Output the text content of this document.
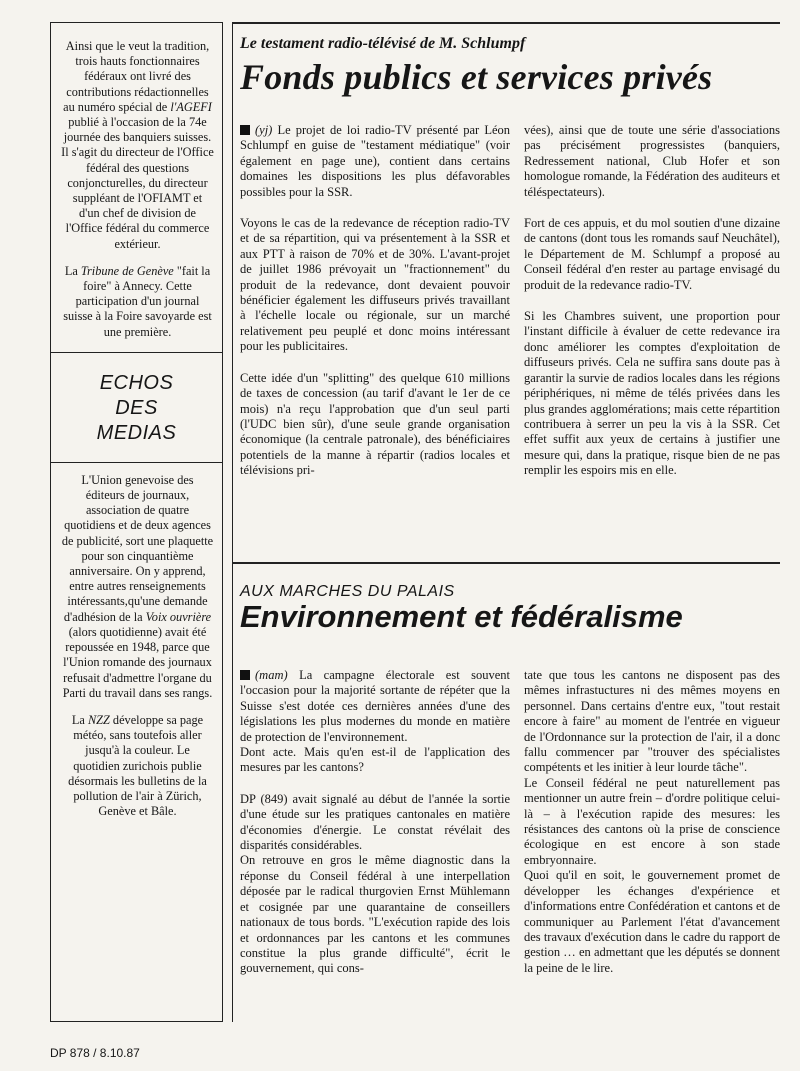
Ainsi que le veut la tradition, trois hauts fonctionnaires fédéraux ont livré des contributions rédactionnelles au numéro spécial de l'AGEFI publié à l'occasion de la 74e journée des banquiers suisses. Il s'agit du directeur de l'Office fédéral des questions conjoncturelles, du directeur suppléant de l'OFIAMT et d'un chef de division de l'Office fédéral du commerce extérieur.

La Tribune de Genève "fait la foire" à Annecy. Cette participation d'un journal suisse à la Foire savoyarde est une première.

ECHOS
DES
MEDIAS

L'Union genevoise des éditeurs de journaux, association de quatre quotidiens et de deux agences de publicité, sort une plaquette pour son cinquantième anniversaire. On y apprend, entre autres renseignements intéressants,qu'une demande d'adhésion de la Voix ouvrière (alors quotidienne) avait été repoussée en 1948, parce que l'Union romande des journaux refusait d'admettre l'organe du Parti du travail dans ses rangs.

La NZZ développe sa page météo, sans toutefois aller jusqu'à la couleur. Le quotidien zurichois publie désormais les bulletins de la pollution de l'air à Zürich, Genève et Bâle.

Le testament radio-télévisé de M. Schlumpf
Fonds publics et services privés

(yj) Le projet de loi radio-TV présenté par Léon Schlumpf en guise de "testament médiatique" (voir également en page une), contient dans certains domaines les dispositions les plus défavorables possibles pour la SSR.

Voyons le cas de la redevance de réception radio-TV et de sa répartition, qui va présentement à la SSR et aux PTT à raison de 70% et de 30%. L'avant-projet de juillet 1986 prévoyait un "fractionnement" du produit de la redevance, dont devaient pouvoir bénéficier également les diffuseurs privés travaillant à l'échelle locale ou régionale, sur un marché relativement peu peuplé et donc moins intéressant pour les publicitaires.

Cette idée d'un "splitting" des quelque 610 millions de taxes de concession (au tarif d'avant le 1er de ce mois) n'a reçu l'approbation que d'un seul parti (l'UDC bien sûr), d'une seule grande organisation économique (la centrale patronale), des bénéficiaires potentiels de la manne à répartir (radios locales et télévisions pri-

vées), ainsi que de toute une série d'associations pas précisément progressistes (banquiers, Redressement national, Club Hofer et son homologue romande, la Fédération des auditeurs et téléspectateurs).

Fort de ces appuis, et du mol soutien d'une dizaine de cantons (dont tous les romands sauf Neuchâtel), le Département de M. Schlumpf a proposé au Conseil fédéral d'en rester au partage envisagé du produit de la redevance radio-TV.

Si les Chambres suivent, une proportion pour l'instant difficile à évaluer de cette redevance ira donc améliorer les comptes d'exploitation de diffuseurs privés. Cela ne suffira sans doute pas à garantir la survie de radios locales dans les régions périphériques, ni même de télés privées dans les plus grandes agglomérations; mais cette répartition contribuera à serrer un peu la vis à la SSR. Cet effet suffit aux yeux de certains à justifier une mesure qui, dans la pratique, risque bien de ne pas remplir les espoirs mis en elle.

AUX MARCHES DU PALAIS
Environnement et fédéralisme

(mam) La campagne électorale est souvent l'occasion pour la majorité sortante de répéter que la Suisse s'est dotée ces dernières années d'une des législations les plus modernes du monde en matière de protection de l'environnement.

Dont acte. Mais qu'en est-il de l'application des mesures par les cantons?

DP (849) avait signalé au début de l'année la sortie d'une étude sur les pratiques cantonales en matière d'économies d'énergie. Le constat révélait des disparités considérables.

On retrouve en gros le même diagnostic dans la réponse du Conseil fédéral à une interpellation déposée par le radical thurgovien Ernst Mühlemann et cosignée par une quarantaine de conseillers nationaux de tous bords. "L'exécution rapide des lois et ordonnances par les cantons et les communes constitue la plus grande difficulté", écrit le gouvernement, qui cons-

tate que tous les cantons ne disposent pas des mêmes infrastuctures ni des mêmes moyens en personnel. Dans certains d'entre eux, "tout restait encore à faire" au moment de l'entrée en vigueur de l'Ordonnance sur la protection de l'air, il a donc fallu commencer par "trouver des spécialistes compétents et les initier à leur lourde tâche".

Le Conseil fédéral ne peut naturellement pas mentionner un autre frein – d'ordre politique celui-là – à l'exécution rapide des mesures: les résistances des cantons où la prise de conscience écologique en est encore à son stade embryonnaire.

Quoi qu'il en soit, le gouvernement promet de développer les échanges d'expérience et d'informations entre Confédération et cantons et de communiquer au Parlement l'état d'avancement des travaux d'exécution dans le cadre du rapport de gestion … en admettant que les députés se donnent la peine de le lire.

DP 878 / 8.10.87
